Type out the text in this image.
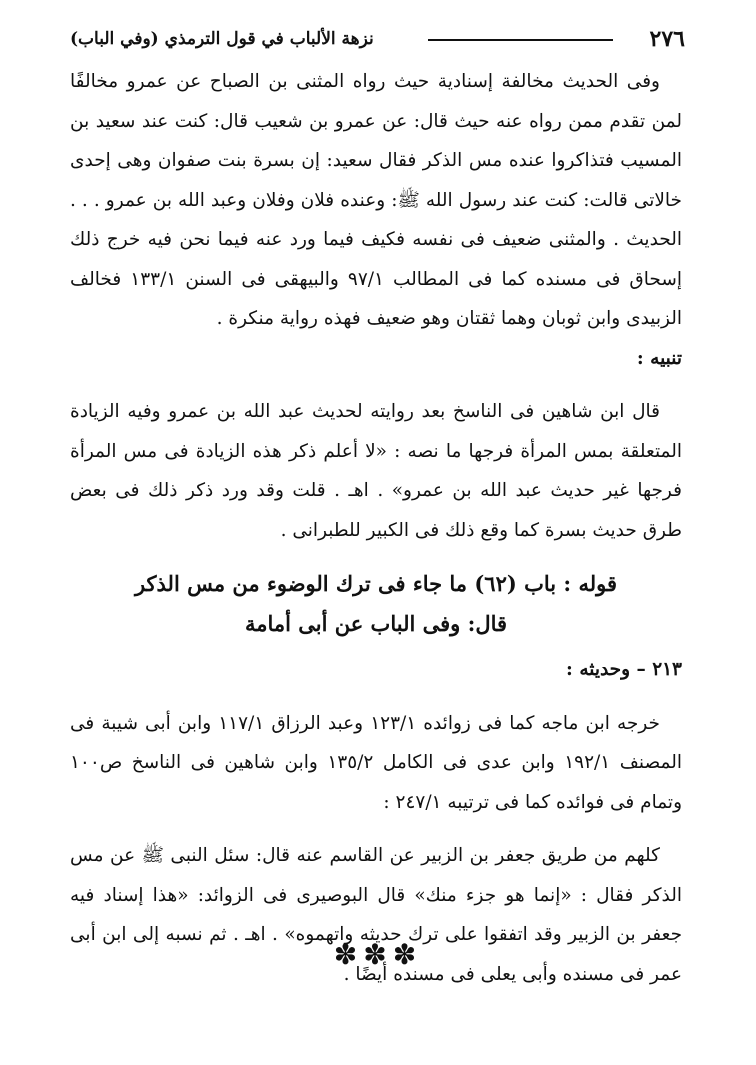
٢٧٦
نزهة الألباب في قول الترمذي (وفي الباب)

وفى الحديث مخالفة إسنادية حيث رواه المثنى بن الصباح عن عمرو مخالفًا لمن تقدم ممن رواه عنه حيث قال: عن عمرو بن شعيب قال: كنت عند سعيد بن المسيب فتذاكروا عنده مس الذكر فقال سعيد: إن بسرة بنت صفوان وهى إحدى خالاتى قالت: كنت عند رسول الله ﷺ: وعنده فلان وفلان وعبد الله بن عمرو . . . الحديث . والمثنى ضعيف فى نفسه فكيف فيما ورد عنه فيما نحن فيه خرج ذلك إسحاق فى مسنده كما فى المطالب ٩٧/١ والبيهقى فى السنن ١٣٣/١ فخالف الزبيدى وابن ثوبان وهما ثقتان وهو ضعيف فهذه رواية منكرة .

تنبيه :

قال ابن شاهين فى الناسخ بعد روايته لحديث عبد الله بن عمرو وفيه الزيادة المتعلقة بمس المرأة فرجها ما نصه : «لا أعلم ذكر هذه الزيادة فى مس المرأة فرجها غير حديث عبد الله بن عمرو» . اهـ . قلت وقد ورد ذكر ذلك فى بعض طرق حديث بسرة كما وقع ذلك فى الكبير للطبرانى .

قوله : باب (٦٢) ما جاء فى ترك الوضوء من مس الذكر

قال: وفى الباب عن أبى أمامة

٢١٣ – وحديثه :

خرجه ابن ماجه كما فى زوائده ١٢٣/١ وعبد الرزاق ١١٧/١ وابن أبى شيبة فى المصنف ١٩٢/١ وابن عدى فى الكامل ١٣٥/٢ وابن شاهين فى الناسخ ص١٠٠ وتمام فى فوائده كما فى ترتيبه ٢٤٧/١ :

كلهم من طريق جعفر بن الزبير عن القاسم عنه قال: سئل النبى ﷺ عن مس الذكر فقال : «إنما هو جزء منك» قال البوصيرى فى الزوائد: «هذا إسناد فيه جعفر بن الزبير وقد اتفقوا على ترك حديثه واتهموه» . اهـ . ثم نسبه إلى ابن أبى عمر فى مسنده وأبى يعلى فى مسنده أيضًا .

✽✽✽
